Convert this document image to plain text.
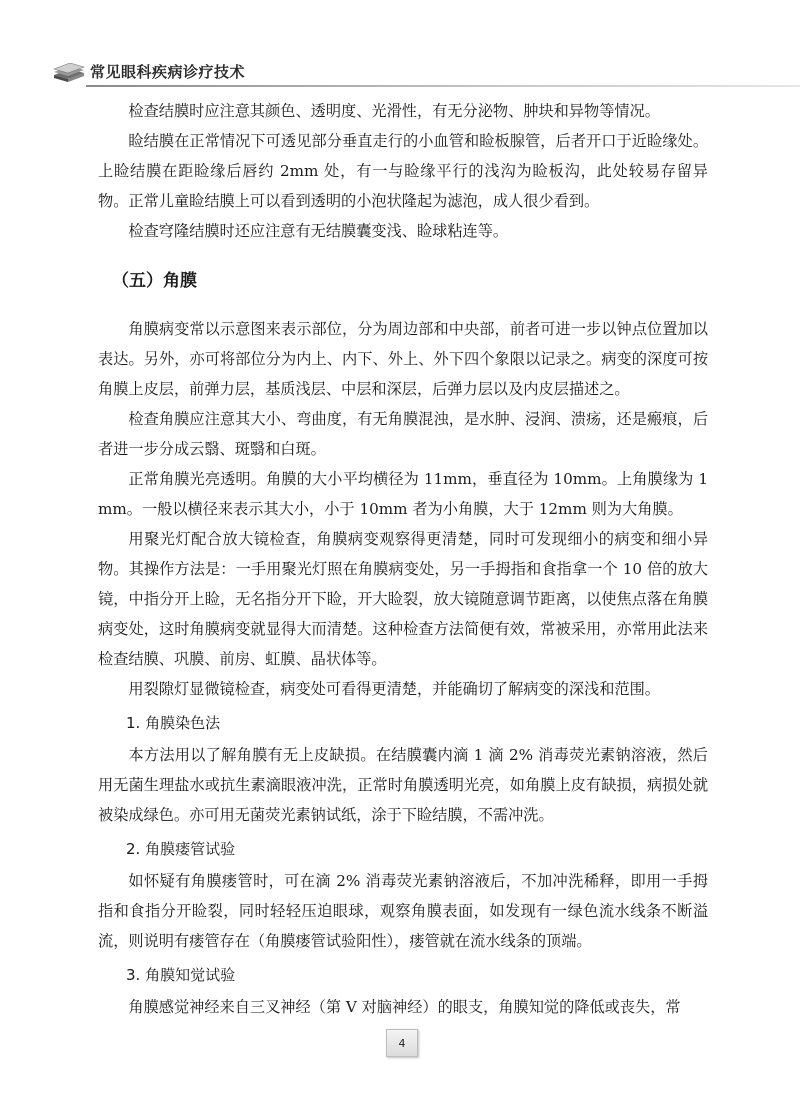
常见眼科疾病诊疗技术

检查结膜时应注意其颜色、透明度、光滑性，有无分泌物、肿块和异物等情况。

睑结膜在正常情况下可透见部分垂直走行的小血管和睑板腺管，后者开口于近睑缘处。上睑结膜在距睑缘后唇约 2mm 处，有一与睑缘平行的浅沟为睑板沟，此处较易存留异物。正常儿童睑结膜上可以看到透明的小泡状隆起为滤泡，成人很少看到。

检查穹隆结膜时还应注意有无结膜囊变浅、睑球粘连等。

（五）角膜

角膜病变常以示意图来表示部位，分为周边部和中央部，前者可进一步以钟点位置加以表达。另外，亦可将部位分为内上、内下、外上、外下四个象限以记录之。病变的深度可按角膜上皮层，前弹力层，基质浅层、中层和深层，后弹力层以及内皮层描述之。

检查角膜应注意其大小、弯曲度，有无角膜混浊，是水肿、浸润、溃疡，还是瘢痕，后者进一步分成云翳、斑翳和白斑。

正常角膜光亮透明。角膜的大小平均横径为 11mm，垂直径为 10mm。上角膜缘为 1mm。一般以横径来表示其大小，小于 10mm 者为小角膜，大于 12mm 则为大角膜。

用聚光灯配合放大镜检查，角膜病变观察得更清楚，同时可发现细小的病变和细小异物。其操作方法是：一手用聚光灯照在角膜病变处，另一手拇指和食指拿一个 10 倍的放大镜，中指分开上睑，无名指分开下睑，开大睑裂，放大镜随意调节距离，以使焦点落在角膜病变处，这时角膜病变就显得大而清楚。这种检查方法简便有效，常被采用，亦常用此法来检查结膜、巩膜、前房、虹膜、晶状体等。

用裂隙灯显微镜检查，病变处可看得更清楚，并能确切了解病变的深浅和范围。

1. 角膜染色法

本方法用以了解角膜有无上皮缺损。在结膜囊内滴 1 滴 2% 消毒荧光素钠溶液，然后用无菌生理盐水或抗生素滴眼液冲洗，正常时角膜透明光亮，如角膜上皮有缺损，病损处就被染成绿色。亦可用无菌荧光素钠试纸，涂于下睑结膜，不需冲洗。

2. 角膜瘘管试验

如怀疑有角膜瘘管时，可在滴 2% 消毒荧光素钠溶液后，不加冲洗稀释，即用一手拇指和食指分开睑裂，同时轻轻压迫眼球，观察角膜表面，如发现有一绿色流水线条不断溢流，则说明有瘘管存在（角膜瘘管试验阳性），瘘管就在流水线条的顶端。

3. 角膜知觉试验

角膜感觉神经来自三叉神经（第 V 对脑神经）的眼支，角膜知觉的降低或丧失，常

4
